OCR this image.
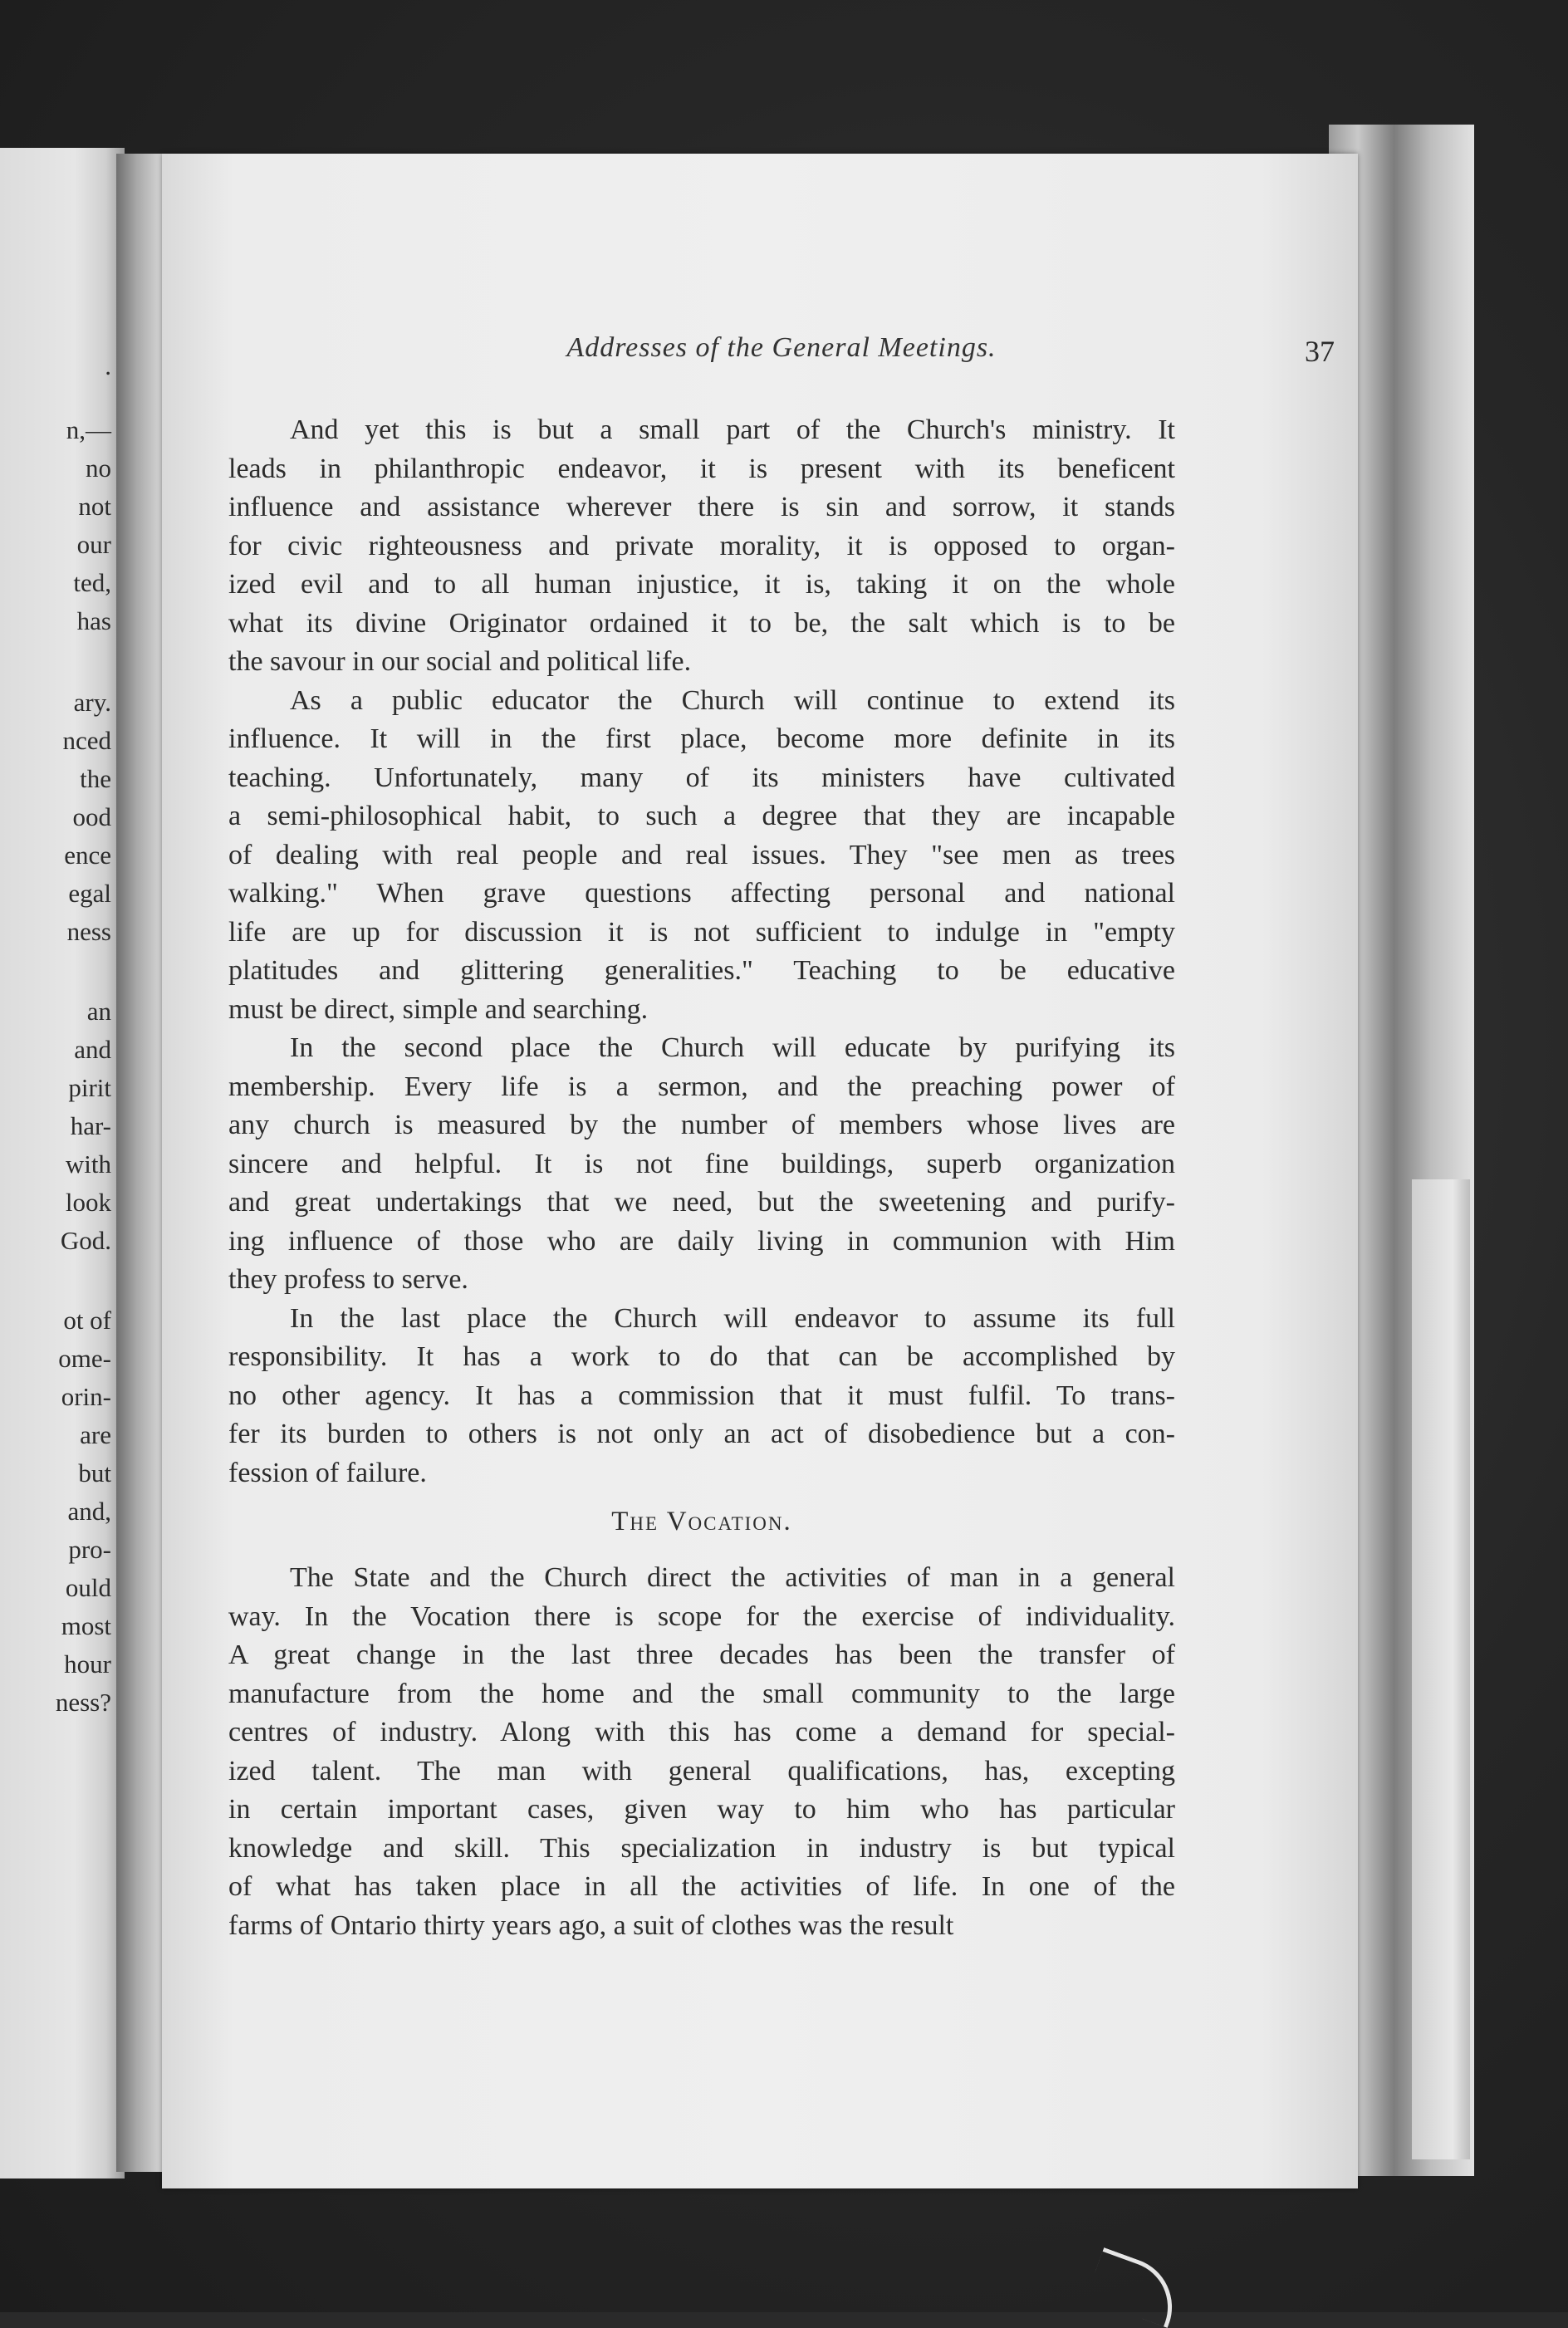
.
n,—
no
not
our
ted,
has
ary.
nced
the
ood
ence
egal
ness
an
and
pirit
har-
with
look
God.
ot of
ome-
orin-
are
but
and,
pro-
ould
most
hour
ness?
Addresses of the General Meetings.	37

And yet this is but a small part of the Church's ministry. It
leads in philanthropic endeavor, it is present with its beneficent
influence and assistance wherever there is sin and sorrow, it stands
for civic righteousness and private morality, it is opposed to organ-
ized evil and to all human injustice, it is, taking it on the whole
what its divine Originator ordained it to be, the salt which is to be
the savour in our social and political life.

As a public educator the Church will continue to extend its
influence. It will in the first place, become more definite in its
teaching. Unfortunately, many of its ministers have cultivated
a semi-philosophical habit, to such a degree that they are incapable
of dealing with real people and real issues. They "see men as trees
walking." When grave questions affecting personal and national
life are up for discussion it is not sufficient to indulge in "empty
platitudes and glittering generalities." Teaching to be educative
must be direct, simple and searching.

In the second place the Church will educate by purifying its
membership. Every life is a sermon, and the preaching power of
any church is measured by the number of members whose lives are
sincere and helpful. It is not fine buildings, superb organization
and great undertakings that we need, but the sweetening and purify-
ing influence of those who are daily living in communion with Him
they profess to serve.

In the last place the Church will endeavor to assume its full
responsibility. It has a work to do that can be accomplished by
no other agency. It has a commission that it must fulfil. To trans-
fer its burden to others is not only an act of disobedience but a con-
fession of failure.

The Vocation.

The State and the Church direct the activities of man in a general
way. In the Vocation there is scope for the exercise of individuality.
A great change in the last three decades has been the transfer of
manufacture from the home and the small community to the large
centres of industry. Along with this has come a demand for special-
ized talent. The man with general qualifications, has, excepting
in certain important cases, given way to him who has particular
knowledge and skill. This specialization in industry is but typical
of what has taken place in all the activities of life. In one of the
farms of Ontario thirty years ago, a suit of clothes was the result
